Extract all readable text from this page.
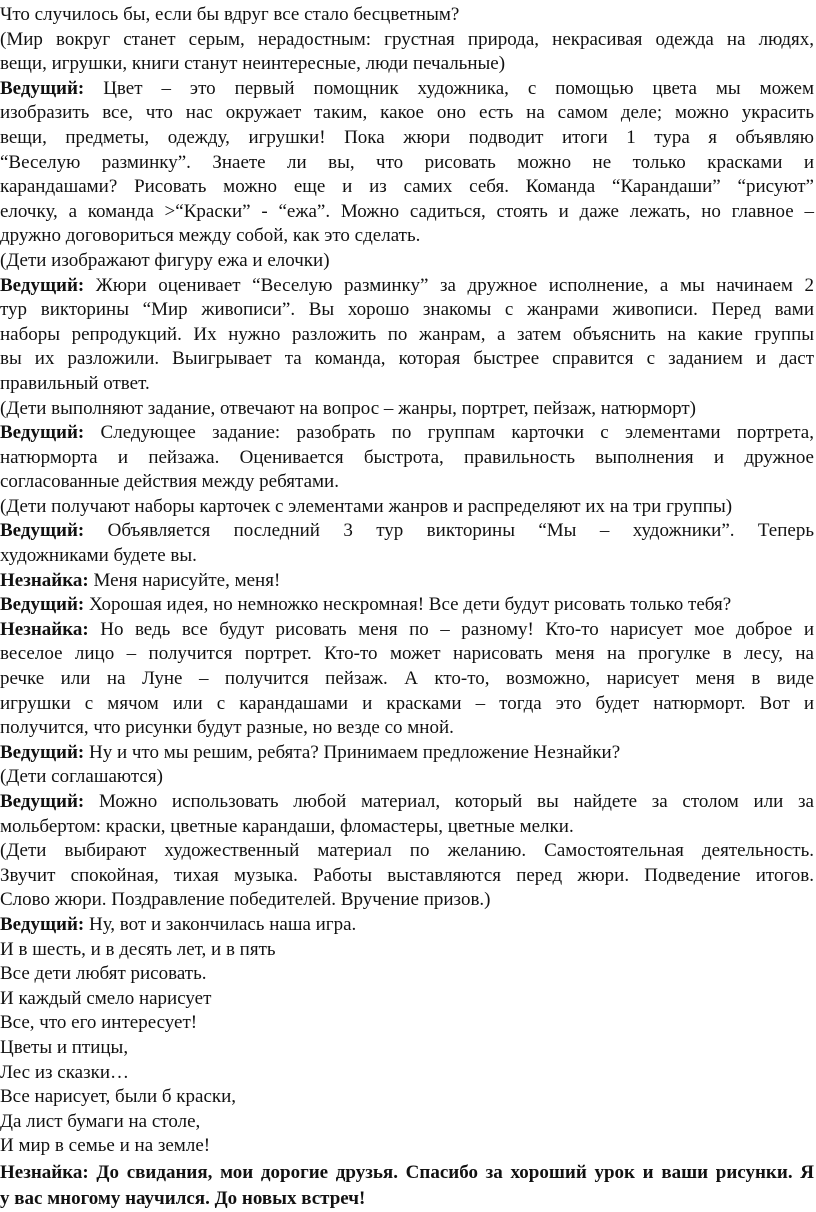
Что случилось бы, если бы вдруг все стало бесцветным?
(Мир вокруг станет серым, нерадостным: грустная природа, некрасивая одежда на людях,
вещи, игрушки, книги станут неинтересные, люди печальные)
Ведущий: Цвет – это первый помощник художника, с помощью цвета мы можем
изобразить все, что нас окружает таким, какое оно есть на самом деле; можно украсить
вещи, предметы, одежду, игрушки! Пока жюри подводит итоги 1 тура я объявляю
“Веселую разминку”. Знаете ли вы, что рисовать можно не только красками и
карандашами? Рисовать можно еще и из самих себя. Команда “Карандаши” “рисуют”
елочку, а команда >“Краски” - “ежа”. Можно садиться, стоять и даже лежать, но главное –
дружно договориться между собой, как это сделать.
(Дети изображают фигуру ежа и елочки)
Ведущий: Жюри оценивает “Веселую разминку” за дружное исполнение, а мы начинаем 2
тур викторины “Мир живописи”. Вы хорошо знакомы с жанрами живописи. Перед вами
наборы репродукций. Их нужно разложить по жанрам, а затем объяснить на какие группы
вы их разложили. Выигрывает та команда, которая быстрее справится с заданием и даст
правильный ответ.
(Дети выполняют задание, отвечают на вопрос – жанры, портрет, пейзаж, натюрморт)
Ведущий: Следующее задание: разобрать по группам карточки с элементами портрета,
натюрморта и пейзажа. Оценивается быстрота, правильность выполнения и дружное
согласованные действия между ребятами.
(Дети получают наборы карточек с элементами жанров и распределяют их на три группы)
Ведущий: Объявляется последний 3 тур викторины “Мы – художники”. Теперь
художниками будете вы.
Незнайка: Меня нарисуйте, меня!
Ведущий: Хорошая идея, но немножко нескромная! Все дети будут рисовать только тебя?
Незнайка: Но ведь все будут рисовать меня по – разному! Кто-то нарисует мое доброе и
веселое лицо – получится портрет. Кто-то может нарисовать меня на прогулке в лесу, на
речке или на Луне – получится пейзаж. А кто-то, возможно, нарисует меня в виде
игрушки с мячом или с карандашами и красками – тогда это будет натюрморт. Вот и
получится, что рисунки будут разные, но везде со мной.
Ведущий: Ну и что мы решим, ребята? Принимаем предложение Незнайки?
(Дети соглашаются)
Ведущий: Можно использовать любой материал, который вы найдете за столом или за
мольбертом: краски, цветные карандаши, фломастеры, цветные мелки.
(Дети выбирают художественный материал по желанию. Самостоятельная деятельность.
Звучит спокойная, тихая музыка. Работы выставляются перед жюри. Подведение итогов.
Слово жюри. Поздравление победителей. Вручение призов.)
Ведущий: Ну, вот и закончилась наша игра.
И в шесть, и в десять лет, и в пять
Все дети любят рисовать.
И каждый смело нарисует
Все, что его интересует!
Цветы и птицы,
Лес из сказки…
Все нарисует, были б краски,
Да лист бумаги на столе,
И мир в семье и на земле!
Незнайка: До свидания, мои дорогие друзья. Спасибо за хороший урок и ваши рисунки. Я
у вас многому научился. До новых встреч!
